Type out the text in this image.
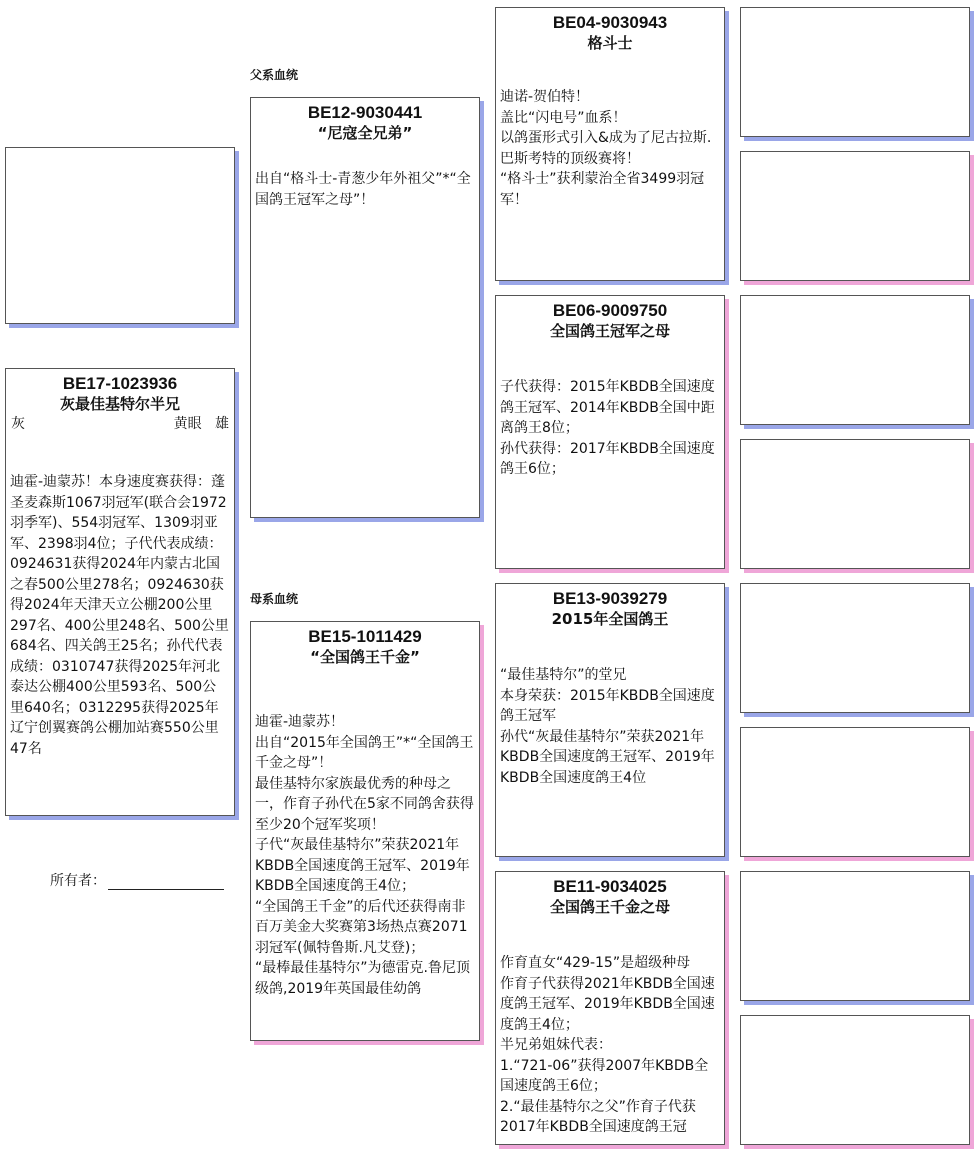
BE17-1023936
灰最佳基特尔半兄
灰	黄眼 雄
迪霍-迪蒙苏！本身速度赛获得：蓬圣麦森斯1067羽冠军(联合会1972羽季军)、554羽冠军、1309羽亚军、2398羽4位；子代代表成绩：0924631获得2024年内蒙古北国之春500公里278名；0924630获得2024年天津天立公棚200公里297名、400公里248名、500公里684名、四关鸽王25名；孙代代表成绩：0310747获得2025年河北泰达公棚400公里593名、500公里640名；0312295获得2025年辽宁创翼赛鸽公棚加站赛550公里47名
所有者：
父系血统
母系血统
BE12-9030441
“尼寇全兄弟”
出自“格斗士-青葱少年外祖父”*“全国鸽王冠军之母”！
BE15-1011429
“全国鸽王千金”
迪霍-迪蒙苏！
出自“2015年全国鸽王”*“全国鸽王千金之母”！
最佳基特尔家族最优秀的种母之一，作育子孙代在5家不同鸽舍获得至少20个冠军奖项！
子代“灰最佳基特尔”荣获2021年KBDB全国速度鸽王冠军、2019年KBDB全国速度鸽王4位；
“全国鸽王千金”的后代还获得南非百万美金大奖赛第3场热点赛2071羽冠军(佩特鲁斯.凡艾登)；
“最棒最佳基特尔”为德雷克.鲁尼顶级鸽,2019年英国最佳幼鸽
BE04-9030943
格斗士
迪诺-贺伯特！
盖比“闪电号”血系！
以鸽蛋形式引入&成为了尼古拉斯.巴斯考特的顶级赛将！
“格斗士”获利蒙治全省3499羽冠军！
BE06-9009750
全国鸽王冠军之母
子代获得：2015年KBDB全国速度鸽王冠军、2014年KBDB全国中距离鸽王8位；
孙代获得：2017年KBDB全国速度鸽王6位；
BE13-9039279
2015年全国鸽王
“最佳基特尔”的堂兄
本身荣获：2015年KBDB全国速度鸽王冠军
孙代“灰最佳基特尔”荣获2021年KBDB全国速度鸽王冠军、2019年KBDB全国速度鸽王4位
BE11-9034025
全国鸽王千金之母
作育直女“429-15”是超级种母
作育子代获得2021年KBDB全国速度鸽王冠军、2019年KBDB全国速度鸽王4位；
半兄弟姐妹代表：
1.“721-06”获得2007年KBDB全国速度鸽王6位；
2.“最佳基特尔之父”作育子代获2017年KBDB全国速度鸽王冠
